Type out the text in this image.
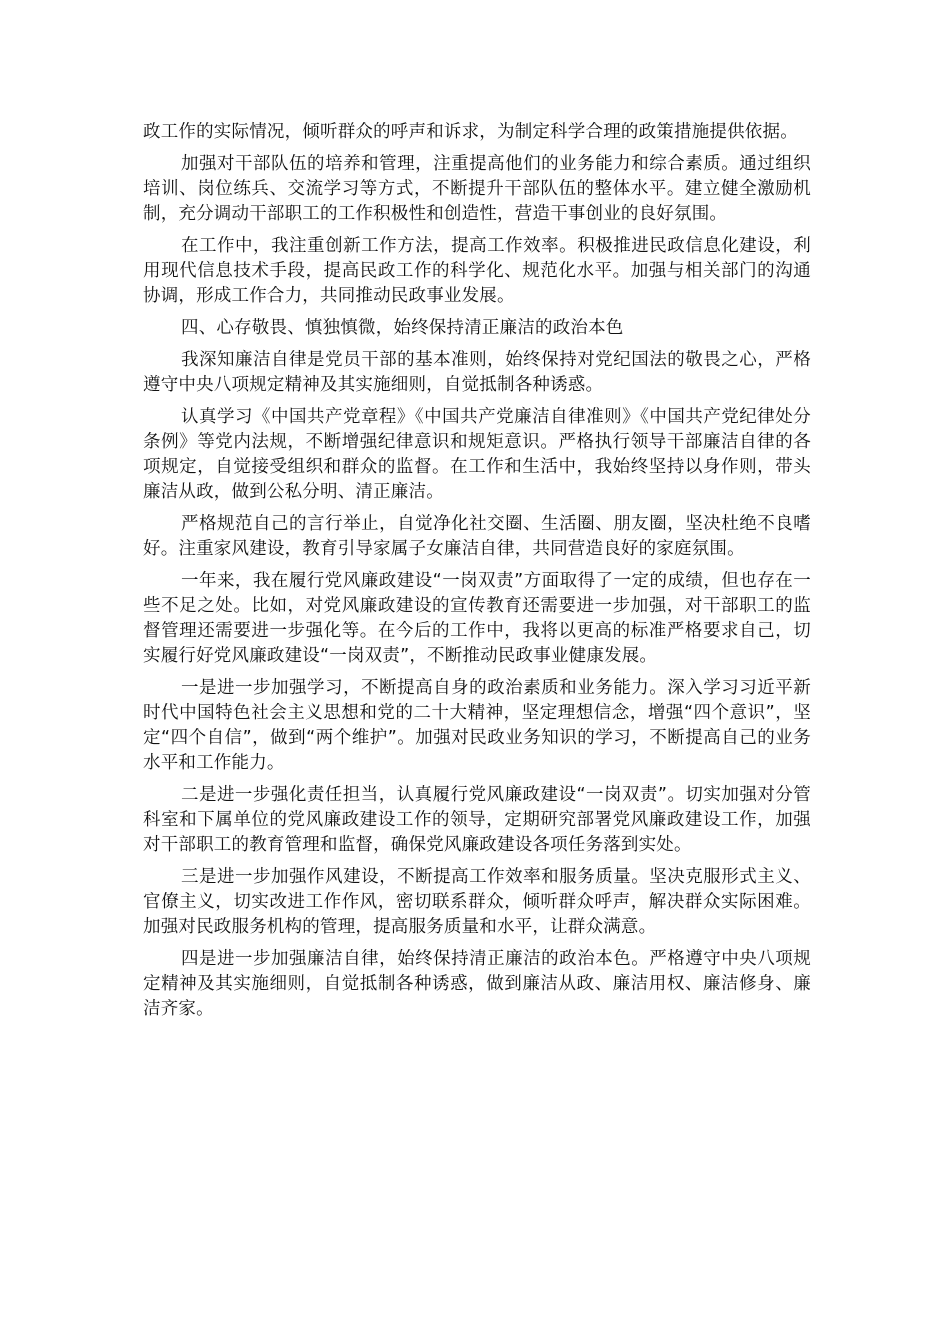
政工作的实际情况，倾听群众的呼声和诉求，为制定科学合理的政策措施提供依据。

加强对干部队伍的培养和管理，注重提高他们的业务能力和综合素质。通过组织培训、岗位练兵、交流学习等方式，不断提升干部队伍的整体水平。建立健全激励机制，充分调动干部职工的工作积极性和创造性，营造干事创业的良好氛围。

在工作中，我注重创新工作方法，提高工作效率。积极推进民政信息化建设，利用现代信息技术手段，提高民政工作的科学化、规范化水平。加强与相关部门的沟通协调，形成工作合力，共同推动民政事业发展。

四、心存敬畏、慎独慎微，始终保持清正廉洁的政治本色

我深知廉洁自律是党员干部的基本准则，始终保持对党纪国法的敬畏之心，严格遵守中央八项规定精神及其实施细则，自觉抵制各种诱惑。

认真学习《中国共产党章程》《中国共产党廉洁自律准则》《中国共产党纪律处分条例》等党内法规，不断增强纪律意识和规矩意识。严格执行领导干部廉洁自律的各项规定，自觉接受组织和群众的监督。在工作和生活中，我始终坚持以身作则，带头廉洁从政，做到公私分明、清正廉洁。

严格规范自己的言行举止，自觉净化社交圈、生活圈、朋友圈，坚决杜绝不良嗜好。注重家风建设，教育引导家属子女廉洁自律，共同营造良好的家庭氛围。

一年来，我在履行党风廉政建设“一岗双责”方面取得了一定的成绩，但也存在一些不足之处。比如，对党风廉政建设的宣传教育还需要进一步加强，对干部职工的监督管理还需要进一步强化等。在今后的工作中，我将以更高的标准严格要求自己，切实履行好党风廉政建设“一岗双责”，不断推动民政事业健康发展。

一是进一步加强学习，不断提高自身的政治素质和业务能力。深入学习习近平新时代中国特色社会主义思想和党的二十大精神，坚定理想信念，增强“四个意识”，坚定“四个自信”，做到“两个维护”。加强对民政业务知识的学习，不断提高自己的业务水平和工作能力。

二是进一步强化责任担当，认真履行党风廉政建设“一岗双责”。切实加强对分管科室和下属单位的党风廉政建设工作的领导，定期研究部署党风廉政建设工作，加强对干部职工的教育管理和监督，确保党风廉政建设各项任务落到实处。

三是进一步加强作风建设，不断提高工作效率和服务质量。坚决克服形式主义、官僚主义，切实改进工作作风，密切联系群众，倾听群众呼声，解决群众实际困难。加强对民政服务机构的管理，提高服务质量和水平，让群众满意。

四是进一步加强廉洁自律，始终保持清正廉洁的政治本色。严格遵守中央八项规定精神及其实施细则，自觉抵制各种诱惑，做到廉洁从政、廉洁用权、廉洁修身、廉洁齐家。
